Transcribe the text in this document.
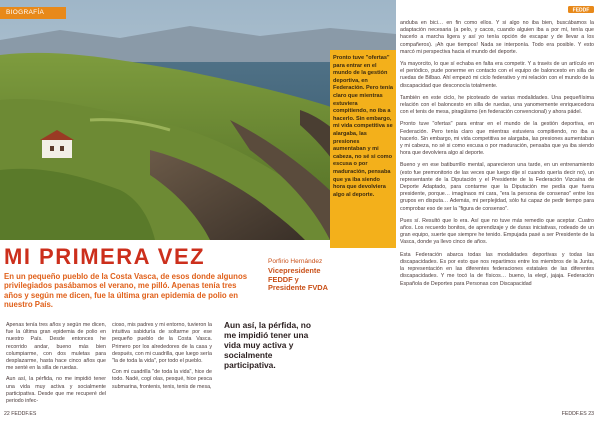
BIOGRAFÍA

Pronto tuve "ofertas" para entrar en el mundo de la gestión deportiva, en Federación. Pero tenía claro que mientras estuviera compitiendo, no iba a hacerlo. Sin embargo, mi vida competitiva se alargaba, las presiones aumentaban y mi cabeza, no sé si como escusa o por maduración, pensaba que ya iba siendo hora que devolviera algo al deporte.

MI PRIMERA VEZ

En un pequeño pueblo de la Costa Vasca, de esos donde algunos privilegiados pasábamos el verano, me pilló. Apenas tenía tres años y según me dicen, fue la última gran epidemia de polio en nuestro País.

Porfirio Hernández

Vicepresidente FEDDF y Presidente FVDA

Apenas tenía tres años y según me dicen, fue la última gran epidemia de polio en nuestro País. Desde entonces he recorrido andar, bueno más bien columpiarme, con dos muletas para desplazarme, hasta hace cinco años que me senté en la silla de ruedas.

Aun así, la pérfida, no me impidió tener una vida muy activa y socialmente participativa. Desde que me recuperé del periodo infec-

cioso, mis padres y mi entorno, tuvieron la intuitiva sabiduría de soltarme por ese pequeño pueblo de la Costa Vasca. Primero por los alrededores de la casa y después, con mi cuadrilla, que luego sería "la de toda la vida", por todo el pueblo.

Con mi cuadrilla "de toda la vida", hice de todo. Nadé, cogí olas, pesqué, hice pesca submarina, frontenis, tenis, tenis de mesa,

Aun así, la pérfida, no me impidió tener una vida muy activa y socialmente participativa.

22 FEDDF.ES
FEDDF

anduba en bici… en fin como ellos. Y si algo no iba bien, buscábamos la adaptación necesaria (a pelo, y cacos, cuando alguien iba a por mí, tenía que hacerlo a marcha ligera y así yo tenía opción de escapar y de llevar a los compañeros). ¡Ah que tiempos! Nada se interponía. Todo era posible. Y esto marcó mi perspectiva hacia el mundo del deporte.

Ya mayorcito, lo que sí echaba en falta era competir. Y a través de un artículo en el periódico, pude ponerme en contacto con el equipo de baloncesto en silla de ruedas de Bilbao. Ahí empezó mi ciclo federativo y mi relación con el mundo de la discapacidad que desconocía totalmente.

También en este ciclo, he picoteado de varias modalidades. Una pequeñísima relación con el baloncesto en silla de ruedas, una yanomemente enriquecedora con el tenis de mesa, piragüismo (en federación convencional) y ahora pádel.

Pronto tuve "ofertas" para entrar en el mundo de la gestión deportiva, en Federación. Pero tenía claro que mientras estuviera compitiendo, no iba a hacerlo. Sin embargo, mi vida competitiva se alargaba, las presiones aumentaban y mi cabeza, no sé si como excusa o por maduración, pensaba que ya iba siendo hora que devolviera algo al deporte.

Bueno y en ese batiburrillo mental, aparecieron una tarde, en un entrenamiento (esto fue premonitorio de las veces que luego dije sí cuando quería decir no), un representante de la Diputación y el Presidente de la Federación Vizcaína de Deporte Adaptado, para contarme que la Diputación me pedía que fuera presidente, porque… imagínaos mi cara, "era la persona de consenso" entre los grupos en disputa… Además, mi perplejidad, sólo fui capaz de pedir tiempo para comprobar eso de ser la "figura de consenso".

Pues sí. Resultó que lo era. Así que no tuve más remedio que aceptar. Cuatro años. Los recuerdo bonitos, de aprendizaje y de duras iniciativas, rodeado de un gran equipo, suerte que siempre he tenido. Empujada pasé a ser Presidente de la Vasca, donde ya llevo cinco de años.

Esta Federación abarca todas las modalidades deportivas y todas las discapacidades. Es por esto que nos repartimos entre los miembros de la Junta, la representación en las diferentes federaciones estatales de las diferentes discapacidades. Y me tocó la de físicos… bueno, la elegí, jajaja. Federación Española de Deportes para Personas con Discapacidad

FEDDF.ES 23
